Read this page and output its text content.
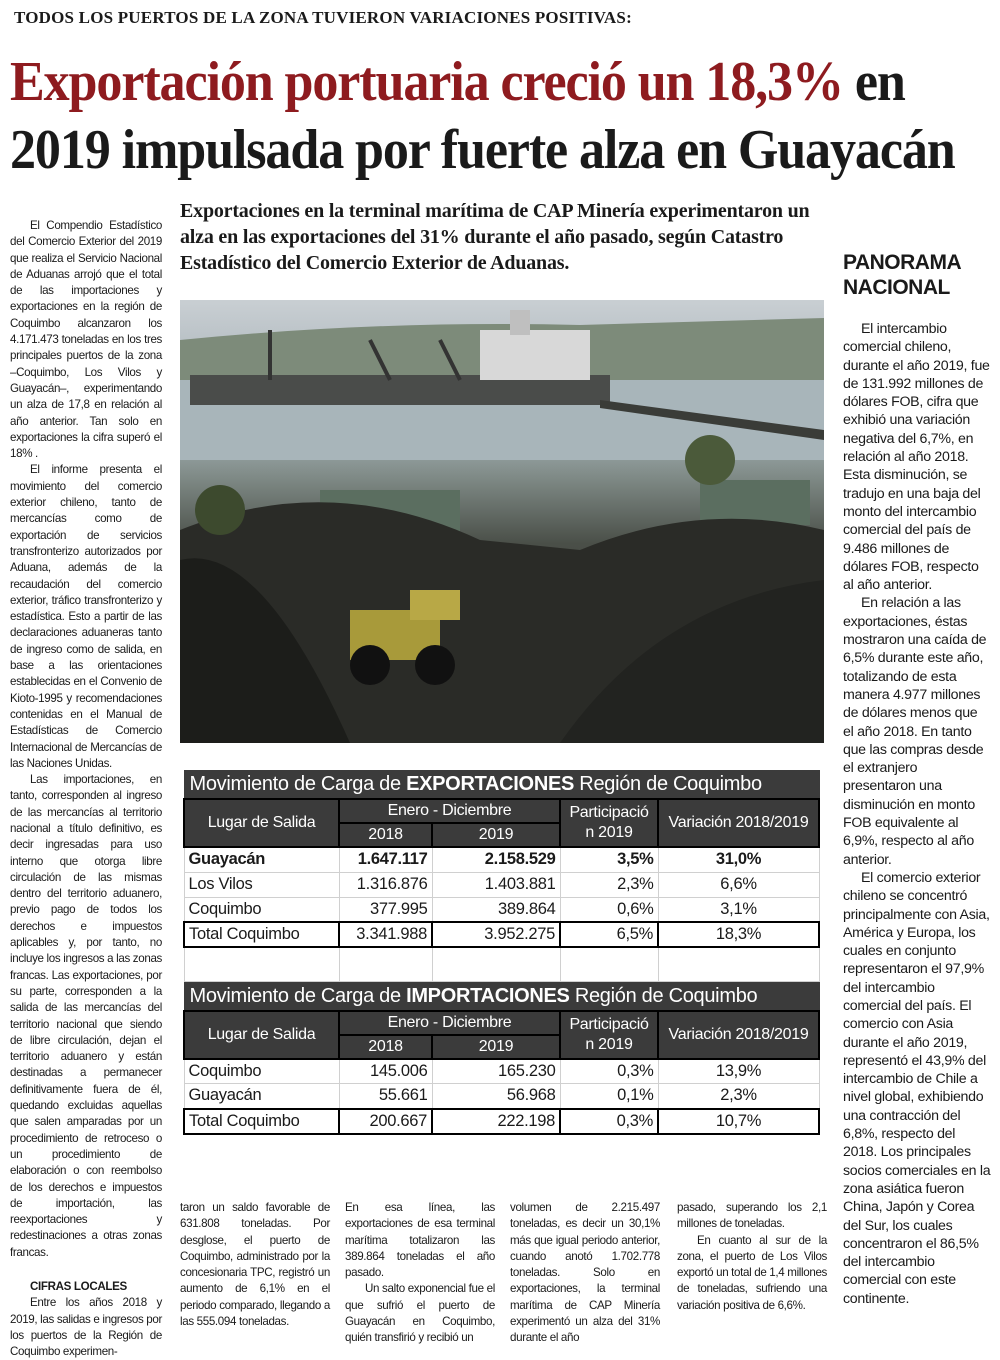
TODOS LOS PUERTOS DE LA ZONA TUVIERON VARIACIONES POSITIVAS:
Exportación portuaria creció un 18,3% en
2019 impulsada por fuerte alza en Guayacán

El Compendio Estadístico del Comercio Exterior del 2019 que realiza el Servicio Nacional de Aduanas arrojó que el total de las importaciones y exportaciones en la región de Coquimbo alcanzaron los 4.171.473 toneladas en los tres principales puertos de la zona –Coquimbo, Los Vilos y Guayacán–, experimentando un alza de 17,8 en relación al año anterior. Tan solo en exportaciones la cifra superó el 18% .

El informe presenta el movimiento del comercio exterior chileno, tanto de mercancías como de exportación de servicios transfronterizo autorizados por Aduana, además de la recaudación del comercio exterior, tráfico transfronterizo y estadística. Esto a partir de las declaraciones aduaneras tanto de ingreso como de salida, en base a las orientaciones establecidas en el Convenio de Kioto-1995 y recomendaciones contenidas en el Manual de Estadísticas de Comercio Internacional de Mercancías de las Naciones Unidas.

Las importaciones, en tanto, corresponden al ingreso de las mercancías al territorio nacional a título definitivo, es decir ingresadas para uso interno que otorga libre circulación de las mismas dentro del territorio aduanero, previo pago de todos los derechos e impuestos aplicables y, por tanto, no incluye los ingresos a las zonas francas. Las exportaciones, por su parte, corresponden a la salida de las mercancías del territorio nacional que siendo de libre circulación, dejan el territorio aduanero y están destinadas a permanecer definitivamente fuera de él, quedando excluidas aquellas que salen amparadas por un procedimiento de retroceso o un procedimiento de elaboración o con reembolso de los derechos e impuestos de importación, las reexportaciones y redestinaciones a otras zonas francas.

CIFRAS LOCALES

Entre los años 2018 y 2019, las salidas e ingresos por los puertos de la Región de Coquimbo experimen-

Exportaciones en la terminal marítima de CAP Minería experimentaron un alza en las exportaciones del 31% durante el año pasado, según Catastro Estadístico del Comercio Exterior de Aduanas.
Movimiento de Carga de EXPORTACIONES Región de Coquimbo				
Lugar de Salida	Enero - Diciembre		Participació
n 2019	Variación 2018/2019
	2018	2019		
Guayacán	1.647.117	2.158.529	3,5%	31,0%
Los Vilos	1.316.876	1.403.881	2,3%	6,6%
Coquimbo	377.995	389.864	0,6%	3,1%
Total Coquimbo	3.341.988	3.952.275	6,5%	18,3%

Movimiento de Carga de IMPORTACIONES Región de Coquimbo				
Lugar de Salida	Enero - Diciembre		Participació
n 2019	Variación 2018/2019
	2018	2019		
Coquimbo	145.006	165.230	0,3%	13,9%
Guayacán	55.661	56.968	0,1%	2,3%
Total Coquimbo	200.667	222.198	0,3%	10,7%
taron un saldo favorable de 631.808 toneladas. Por desglose, el puerto de Coquimbo, administrado por la concesionaria TPC, registró un aumento de 6,1% en el periodo comparado, llegando a las 555.094 toneladas.
En esa línea, las exportaciones de esa terminal marítima totalizaron las 389.864 toneladas el año pasado.

Un salto exponencial fue el que sufrió el puerto de Guayacán en Coquimbo, quién transfirió y recibió un

volumen de 2.215.497 toneladas, es decir un 30,1% más que igual periodo anterior, cuando anotó 1.702.778 toneladas. Solo en exportaciones, la terminal marítima de CAP Minería experimentó un alza del 31% durante el año
pasado, superando los 2,1 millones de toneladas.

En cuanto al sur de la zona, el puerto de Los Vilos exportó un total de 1,4 millones de toneladas, sufriendo una variación positiva de 6,6%.

PANORAMA
NACIONAL

El intercambio comercial chileno, durante el año 2019, fue de 131.992 millones de dólares FOB, cifra que exhibió una variación negativa del 6,7%, en relación al año 2018. Esta disminución, se tradujo en una baja del monto del intercambio comercial del país de 9.486 millones de dólares FOB, respecto al año anterior.

En relación a las exportaciones, éstas mostraron una caída de 6,5% durante este año, totalizando de esta manera 4.977 millones de dólares menos que el año 2018. En tanto que las compras desde el extranjero presentaron una disminución en monto FOB equivalente al 6,9%, respecto al año anterior.

El comercio exterior chileno se concentró principalmente con Asia, América y Europa, los cuales en conjunto representaron el 97,9% del intercambio comercial del país. El comercio con Asia durante el año 2019, representó el 43,9% del intercambio de Chile a nivel global, exhibiendo una contracción del 6,8%, respecto del 2018. Los principales socios comerciales en la zona asiática fueron China, Japón y Corea del Sur, los cuales concentraron el 86,5% del intercambio comercial con este continente.
